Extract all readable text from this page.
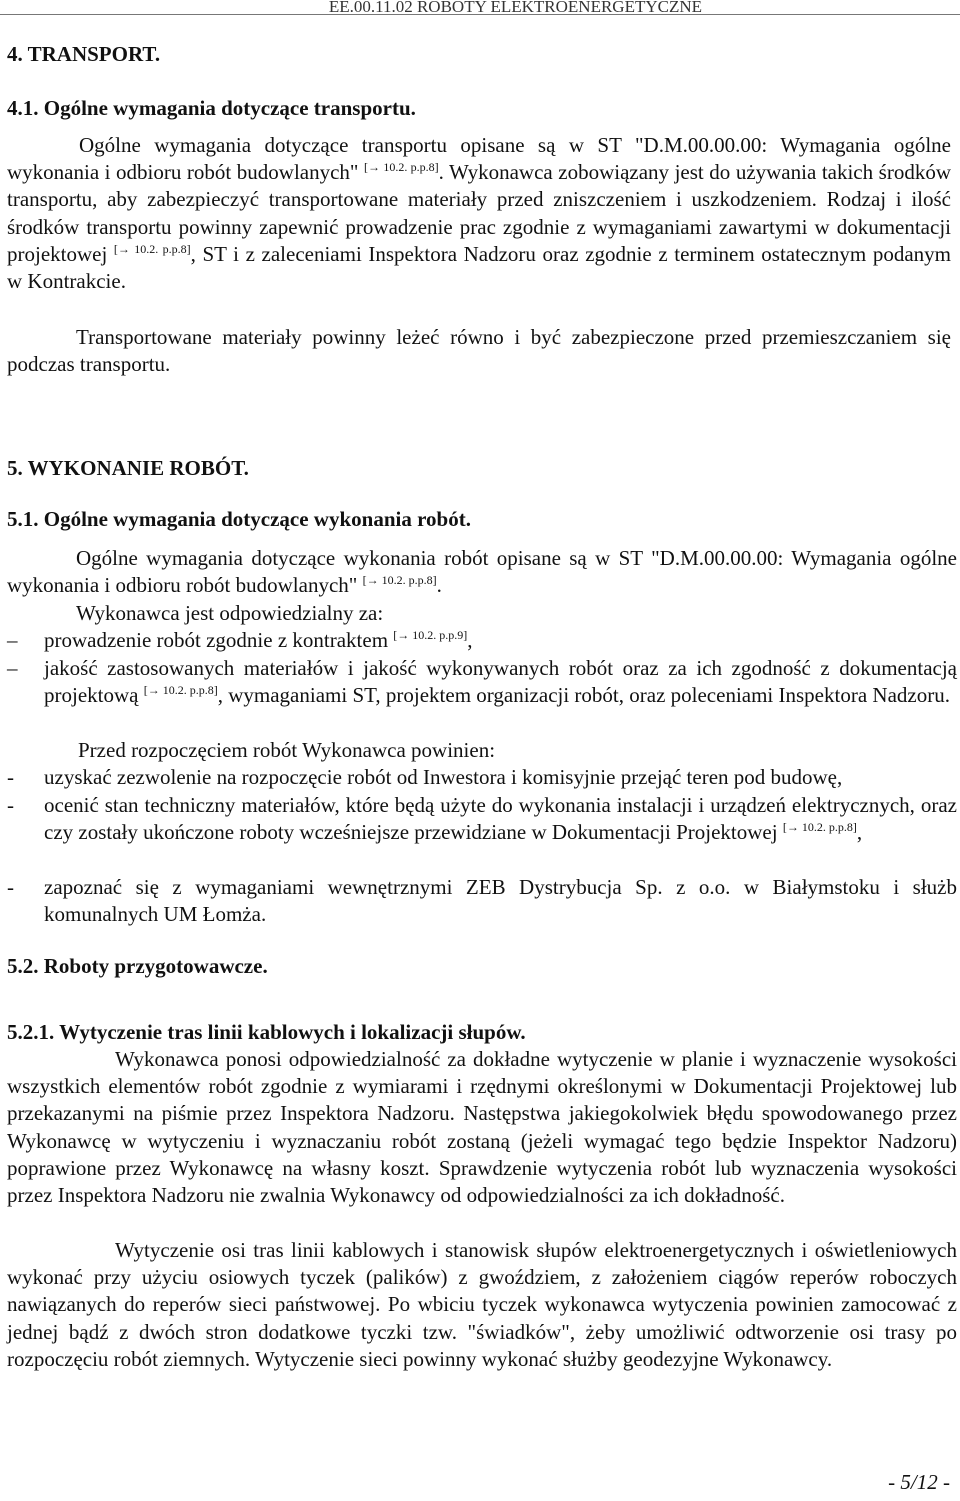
EE.00.11.02 ROBOTY ELEKTROENERGETYCZNE
4. TRANSPORT.
4.1. Ogólne wymagania dotyczące transportu.
Ogólne wymagania dotyczące transportu opisane są w ST "D.M.00.00.00: Wymagania ogólne wykonania i odbioru robót budowlanych" [→ 10.2. p.p.8]. Wykonawca zobowiązany jest do używania takich środków transportu, aby zabezpieczyć transportowane materiały przed zniszczeniem i uszkodzeniem. Rodzaj i ilość środków transportu powinny zapewnić prowadzenie prac zgodnie z wymaganiami zawartymi w dokumentacji projektowej [→ 10.2. p.p.8], ST i z zaleceniami Inspektora Nadzoru oraz zgodnie z terminem ostatecznym podanym w Kontrakcie.
Transportowane materiały powinny leżeć równo i być zabezpieczone przed przemieszczaniem się podczas transportu.
5. WYKONANIE ROBÓT.
5.1. Ogólne wymagania dotyczące wykonania robót.
Ogólne wymagania dotyczące wykonania robót opisane są w ST "D.M.00.00.00: Wymagania ogólne wykonania i odbioru robót budowlanych" [→ 10.2. p.p.8].
Wykonawca jest odpowiedzialny za:
– prowadzenie robót zgodnie z kontraktem [→ 10.2. p.p.9],
– jakość zastosowanych materiałów i jakość wykonywanych robót oraz za ich zgodność z dokumentacją projektową [→ 10.2. p.p.8], wymaganiami ST, projektem organizacji robót, oraz poleceniami Inspektora Nadzoru.
Przed rozpoczęciem robót Wykonawca powinien:
- uzyskać zezwolenie na rozpoczęcie robót od Inwestora i komisyjnie przejąć teren pod budowę,
- ocenić stan techniczny materiałów, które będą użyte do wykonania instalacji i urządzeń elektrycznych, oraz czy zostały ukończone roboty wcześniejsze przewidziane w Dokumentacji Projektowej [→ 10.2. p.p.8],
- zapoznać się z wymaganiami wewnętrznymi ZEB Dystrybucja Sp. z o.o. w Białymstoku i służb komunalnych UM Łomża.
5.2. Roboty przygotowawcze.
5.2.1. Wytyczenie tras linii kablowych i lokalizacji słupów.
Wykonawca ponosi odpowiedzialność za dokładne wytyczenie w planie i wyznaczenie wysokości wszystkich elementów robót zgodnie z wymiarami i rzędnymi określonymi w Dokumentacji Projektowej lub przekazanymi na piśmie przez Inspektora Nadzoru. Następstwa jakiegokolwiek błędu spowodowanego przez Wykonawcę w wytyczeniu i wyznaczaniu robót zostaną (jeżeli wymagać tego będzie Inspektor Nadzoru) poprawione przez Wykonawcę na własny koszt. Sprawdzenie wytyczenia robót lub wyznaczenia wysokości przez Inspektora Nadzoru nie zwalnia Wykonawcy od odpowiedzialności za ich dokładność.
Wytyczenie osi tras linii kablowych i stanowisk słupów elektroenergetycznych i oświetleniowych wykonać przy użyciu osiowych tyczek (palików) z gwoździem, z założeniem ciągów reperów roboczych nawiązanych do reperów sieci państwowej. Po wbiciu tyczek wykonawca wytyczenia powinien zamocować z jednej bądź z dwóch stron dodatkowe tyczki tzw. "świadków", żeby umożliwić odtworzenie osi trasy po rozpoczęciu robót ziemnych. Wytyczenie sieci powinny wykonać służby geodezyjne Wykonawcy.
- 5/12 -
